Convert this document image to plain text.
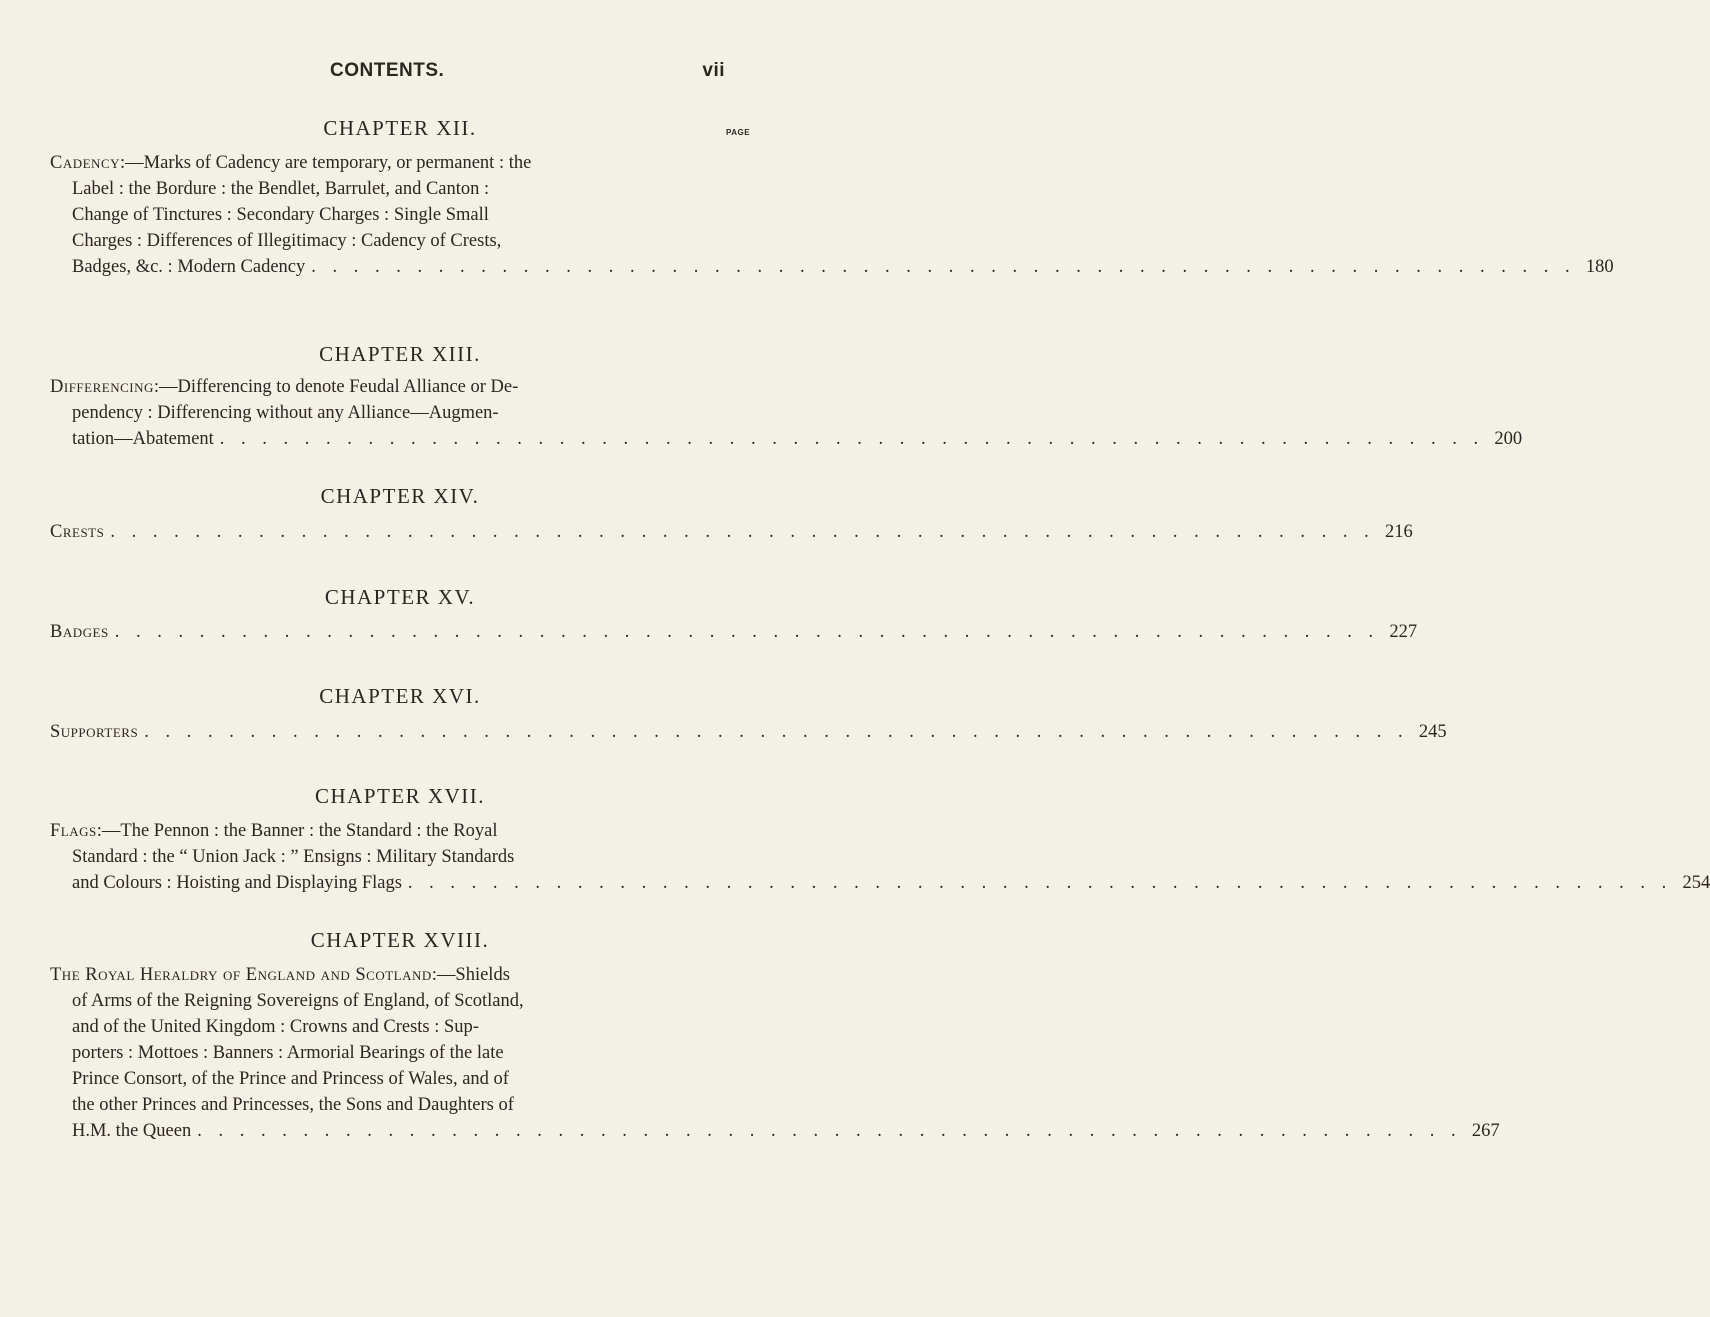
CONTENTS.	vii
PAGE
CHAPTER XII.
Cadency:—Marks of Cadency are temporary, or permanent : the
Label : the Bordure : the Bendlet, Barrulet, and Canton :
Change of Tinctures : Secondary Charges : Single Small
Charges : Differences of Illegitimacy : Cadency of Crests,
Badges, &c. : Modern Cadency . . . . . . . . . . . . . . . . . . . . . . . . . . . . . . . . . . . . . . . . . . . . . . . . . . . . . . . . . . . . 180
CHAPTER XIII.
Differencing:—Differencing to denote Feudal Alliance or De-
pendency : Differencing without any Alliance—Augmen-
tation—Abatement . . . . . . . . . . . . . . . . . . . . . . . . . . . . . . . . . . . . . . . . . . . . . . . . . . . . . . . . . . . . 200
CHAPTER XIV.
Crests . . . . . . . . . . . . . . . . . . . . . . . . . . . . . . . . . . . . . . . . . . . . . . . . . . . . . . . . . . . . 216
CHAPTER XV.
Badges . . . . . . . . . . . . . . . . . . . . . . . . . . . . . . . . . . . . . . . . . . . . . . . . . . . . . . . . . . . . 227
CHAPTER XVI.
Supporters . . . . . . . . . . . . . . . . . . . . . . . . . . . . . . . . . . . . . . . . . . . . . . . . . . . . . . . . . . . . 245
CHAPTER XVII.
Flags:—The Pennon : the Banner : the Standard : the Royal
Standard : the “ Union Jack : ” Ensigns : Military Standards
and Colours : Hoisting and Displaying Flags . . . . . . . . . . . . . . . . . . . . . . . . . . . . . . . . . . . . . . . . . . . . . . . . . . . . . . . . . . . . 254
CHAPTER XVIII.
The Royal Heraldry of England and Scotland:—Shields
of Arms of the Reigning Sovereigns of England, of Scotland,
and of the United Kingdom : Crowns and Crests : Sup-
porters : Mottoes : Banners : Armorial Bearings of the late
Prince Consort, of the Prince and Princess of Wales, and of
the other Princes and Princesses, the Sons and Daughters of
H.M. the Queen . . . . . . . . . . . . . . . . . . . . . . . . . . . . . . . . . . . . . . . . . . . . . . . . . . . . . . . . . . . . 267
